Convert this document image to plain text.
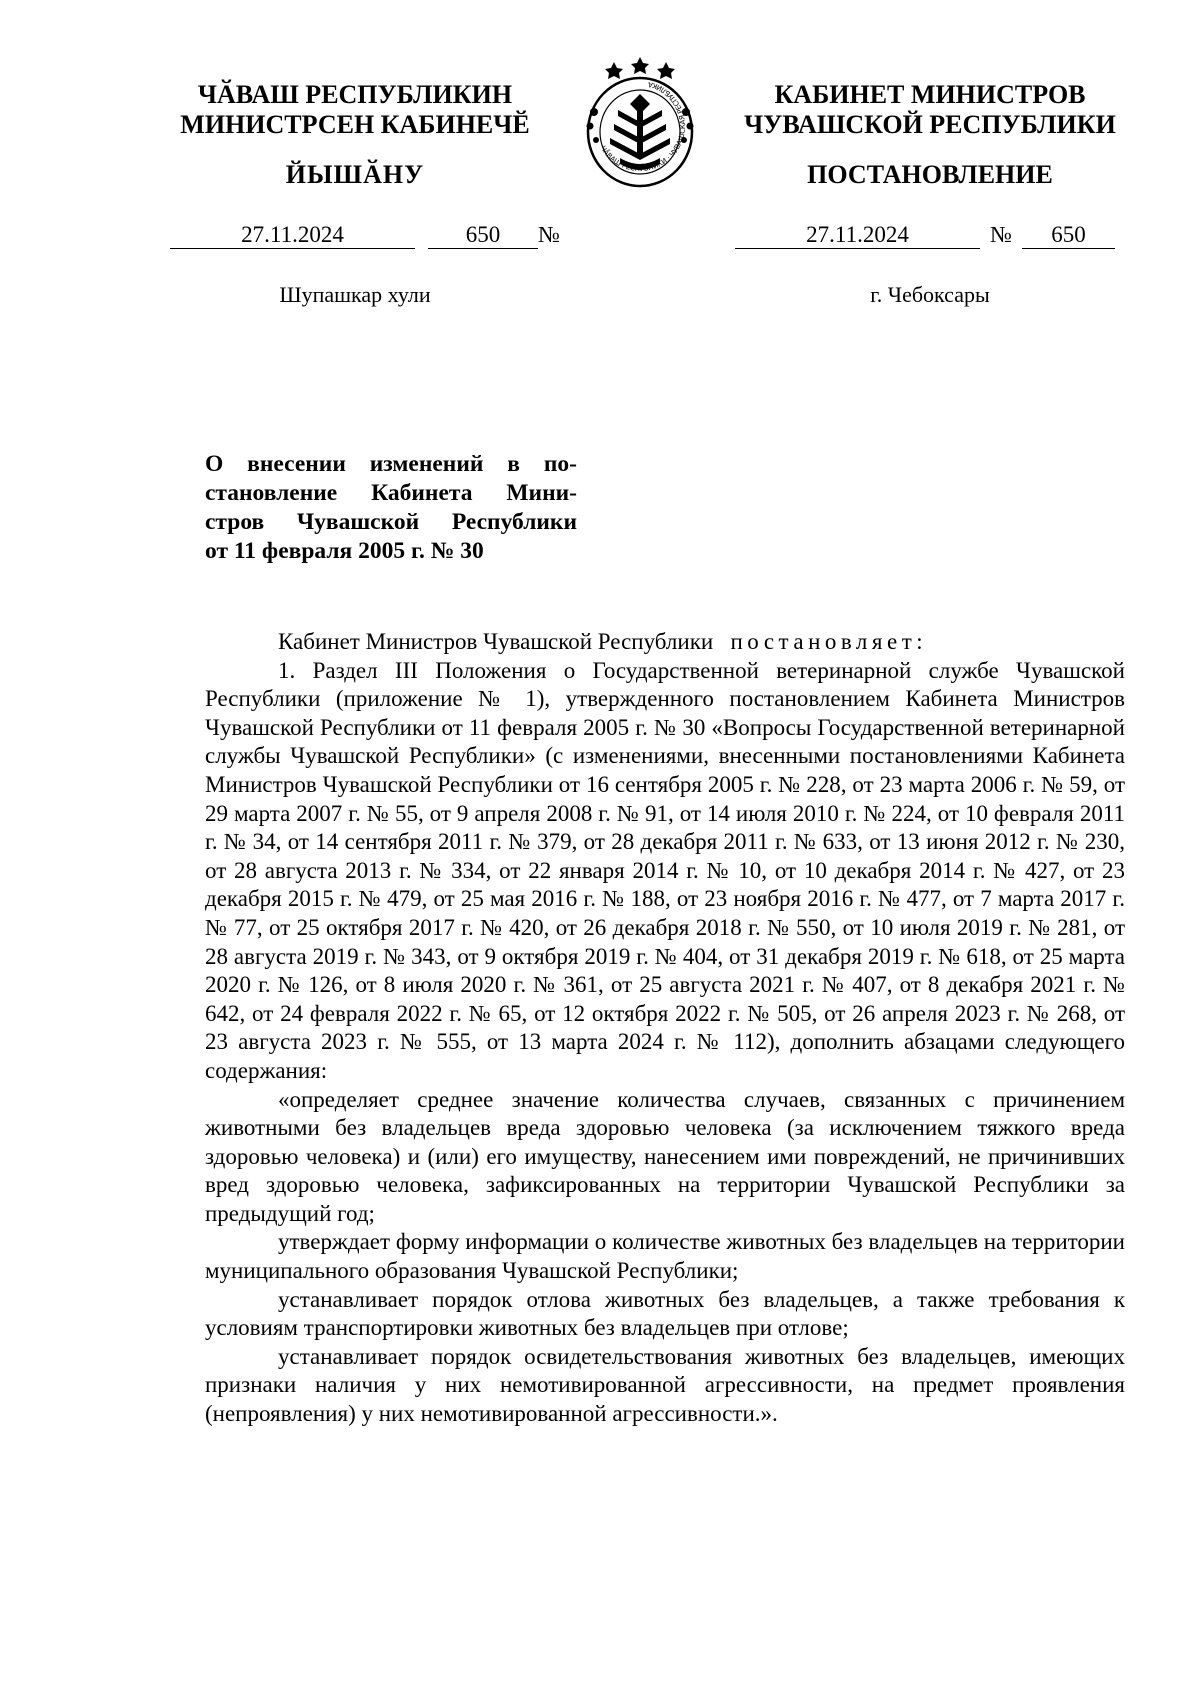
ЧӐВАШ РЕСПУБЛИКИН
МИНИСТРСЕН КАБИНЕЧӖ
ЙЫШӐНУ
КАБИНЕТ МИНИСТРОВ
ЧУВАШСКОЙ РЕСПУБЛИКИ
ПОСТАНОВЛЕНИЕ
ЧӐВАШ РЕСПУБЛИКИ ⋅ ЧУВАШСКАЯ РЕСПУБЛИКА
27.11.2024	650	№	27.11.2024	№	650
Шупашкар хули	г. Чебоксары
О внесении изменений в по-
становление Кабинета Мини-
стров Чувашской Республики
от 11 февраля 2005 г. № 30

Кабинет Министров Чувашской Республики постановляет:

1. Раздел III Положения о Государственной ветеринарной службе Чувашской Республики (приложение № 1), утвержденного постановлением Кабинета Министров Чувашской Республики от 11 февраля 2005 г. № 30 «Вопросы Государственной ветеринарной службы Чувашской Республики» (с изменениями, внесенными постановлениями Кабинета Министров Чувашской Республики от 16 сентября 2005 г. № 228, от 23 марта 2006 г. № 59, от 29 марта 2007 г. № 55, от 9 апреля 2008 г. № 91, от 14 июля 2010 г. № 224, от 10 февраля 2011 г. № 34, от 14 сентября 2011 г. № 379, от 28 декабря 2011 г. № 633, от 13 июня 2012 г. № 230, от 28 августа 2013 г. № 334, от 22 января 2014 г. № 10, от 10 декабря 2014 г. № 427, от 23 декабря 2015 г. № 479, от 25 мая 2016 г. № 188, от 23 ноября 2016 г. № 477, от 7 марта 2017 г. № 77, от 25 октября 2017 г. № 420, от 26 декабря 2018 г. № 550, от 10 июля 2019 г. № 281, от 28 августа 2019 г. № 343, от 9 октября 2019 г. № 404, от 31 декабря 2019 г. № 618, от 25 марта 2020 г. № 126, от 8 июля 2020 г. № 361, от 25 августа 2021 г. № 407, от 8 декабря 2021 г. № 642, от 24 февраля 2022 г. № 65, от 12 октября 2022 г. № 505, от 26 апреля 2023 г. № 268, от 23 августа 2023 г. № 555, от 13 марта 2024 г. № 112), дополнить абзацами следующего содержания:

«определяет среднее значение количества случаев, связанных с причинением животными без владельцев вреда здоровью человека (за исключением тяжкого вреда здоровью человека) и (или) его имуществу, нанесением ими повреждений, не причинивших вред здоровью человека, зафиксированных на территории Чувашской Республики за предыдущий год;

утверждает форму информации о количестве животных без владельцев на территории муниципального образования Чувашской Республики;

устанавливает порядок отлова животных без владельцев, а также требования к условиям транспортировки животных без владельцев при отлове;

устанавливает порядок освидетельствования животных без владельцев, имеющих признаки наличия у них немотивированной агрессивности, на предмет проявления (непроявления) у них немотивированной агрессивности.».
